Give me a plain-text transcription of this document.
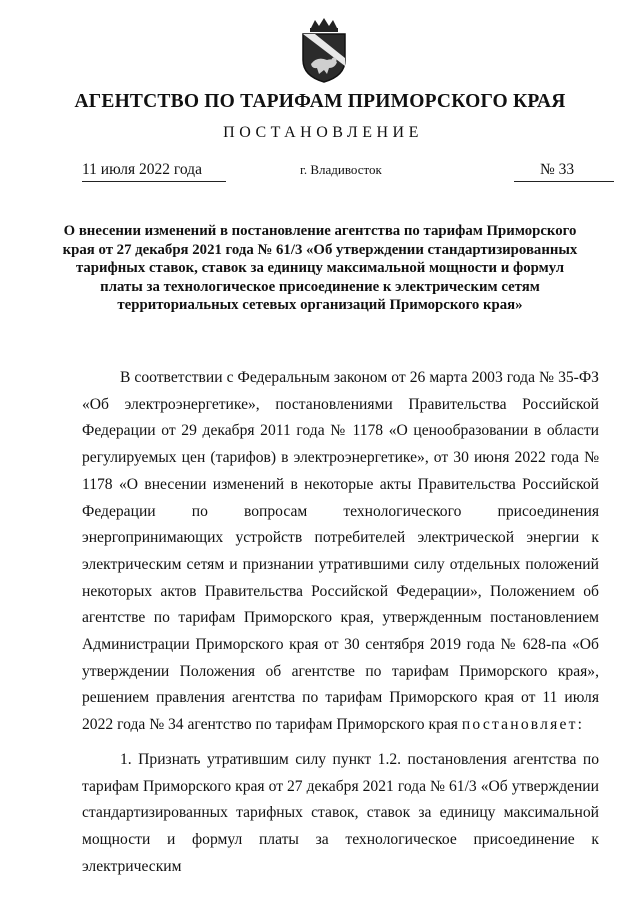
АГЕНТСТВО ПО ТАРИФАМ ПРИМОРСКОГО КРАЯ
ПОСТАНОВЛЕНИЕ
11 июля 2022 года	г. Владивосток	№ 33
О внесении изменений в постановление агентства по тарифам Приморского края от 27 декабря 2021 года № 61/3 «Об утверждении стандартизированных тарифных ставок, ставок за единицу максимальной мощности и формул платы за технологическое присоединение к электрическим сетям территориальных сетевых организаций Приморского края»

В соответствии с Федеральным законом от 26 марта 2003 года № 35-ФЗ «Об электроэнергетике», постановлениями Правительства Российской Федерации от 29 декабря 2011 года № 1178 «О ценообразовании в области регулируемых цен (тарифов) в электроэнергетике», от 30 июня 2022 года № 1178 «О внесении изменений в некоторые акты Правительства Российской Федерации по вопросам технологического присоединения энергопринимающих устройств потребителей электрической энергии к электрическим сетям и признании утратившими силу отдельных положений некоторых актов Правительства Российской Федерации», Положением об агентстве по тарифам Приморского края, утвержденным постановлением Администрации Приморского края от 30 сентября 2019 года № 628-па «Об утверждении Положения об агентстве по тарифам Приморского края», решением правления агентства по тарифам Приморского края от 11 июля 2022 года № 34 агентство по тарифам Приморского края постановляет:

1. Признать утратившим силу пункт 1.2. постановления агентства по тарифам Приморского края от 27 декабря 2021 года № 61/3 «Об утверждении стандартизированных тарифных ставок, ставок за единицу максимальной мощности и формул платы за технологическое присоединение к электрическим
